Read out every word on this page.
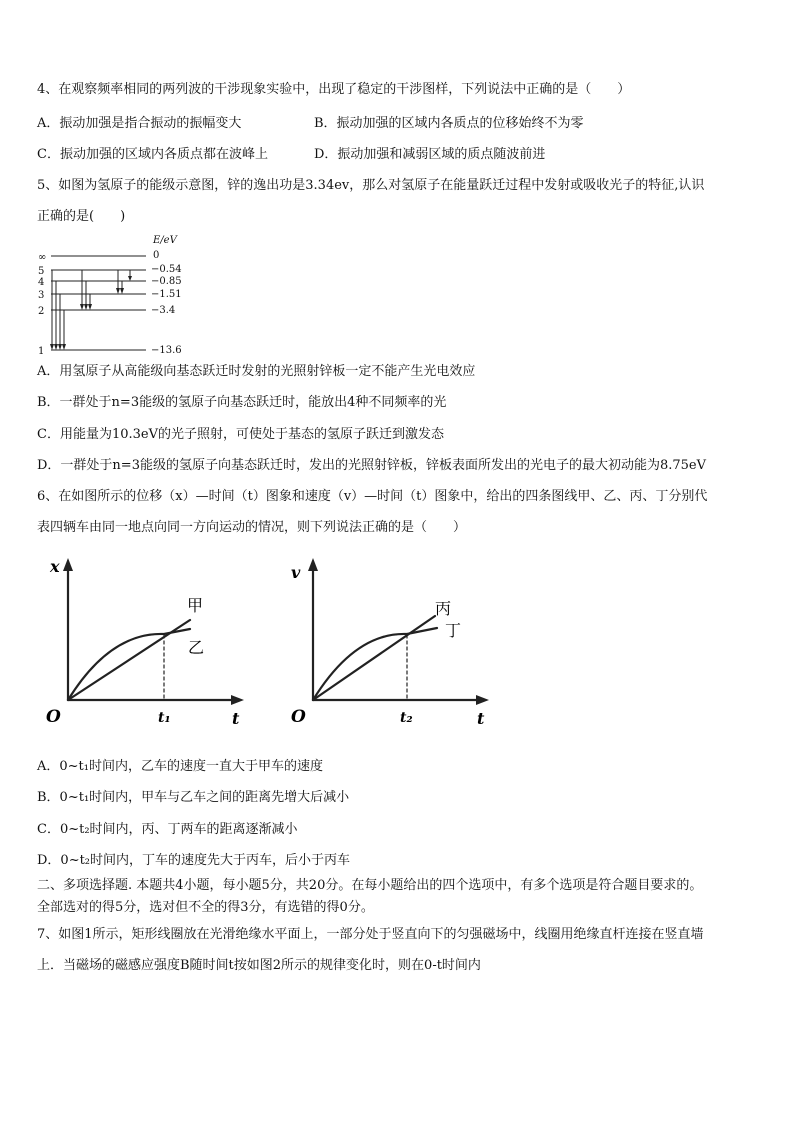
4、在观察频率相同的两列波的干涉现象实验中，出现了稳定的干涉图样，下列说法中正确的是（　　）
A．振动加强是指合振动的振幅变大	B．振动加强的区域内各质点的位移始终不为零
C．振动加强的区域内各质点都在波峰上	D．振动加强和减弱区域的质点随波前进
5、如图为氢原子的能级示意图，锌的逸出功是3.34ev，那么对氢原子在能量跃迁过程中发射或吸收光子的特征,认识
正确的是(　　)
E/eV
∞
5
4
3
2
1
0
−0.54
−0.85
−1.51
−3.4
−13.6
A．用氢原子从高能级向基态跃迁时发射的光照射锌板一定不能产生光电效应
B．一群处于n=3能级的氢原子向基态跃迁时，能放出4种不同频率的光
C．用能量为10.3eV的光子照射，可使处于基态的氢原子跃迁到激发态
D．一群处于n=3能级的氢原子向基态跃迁时，发出的光照射锌板，锌板表面所发出的光电子的最大初动能为8.75eV
6、在如图所示的位移（x）—时间（t）图象和速度（v）—时间（t）图象中，给出的四条图线甲、乙、丙、丁分别代
表四辆车由同一地点向同一方向运动的情况，则下列说法正确的是（　　）
x
t
O	t₁
甲
乙
v
t
O	t₂
丙
丁
A．0~t₁时间内，乙车的速度一直大于甲车的速度
B．0~t₁时间内，甲车与乙车之间的距离先增大后减小
C．0~t₂时间内，丙、丁两车的距离逐渐减小
D．0~t₂时间内，丁车的速度先大于丙车，后小于丙车
二、多项选择题. 本题共4小题，每小题5分，共20分。在每小题给出的四个选项中，有多个选项是符合题目要求的。
全部选对的得5分，选对但不全的得3分，有选错的得0分。
7、如图1所示，矩形线圈放在光滑绝缘水平面上，一部分处于竖直向下的匀强磁场中，线圈用绝缘直杆连接在竖直墙
上．当磁场的磁感应强度B随时间t按如图2所示的规律变化时，则在0-t时间内
